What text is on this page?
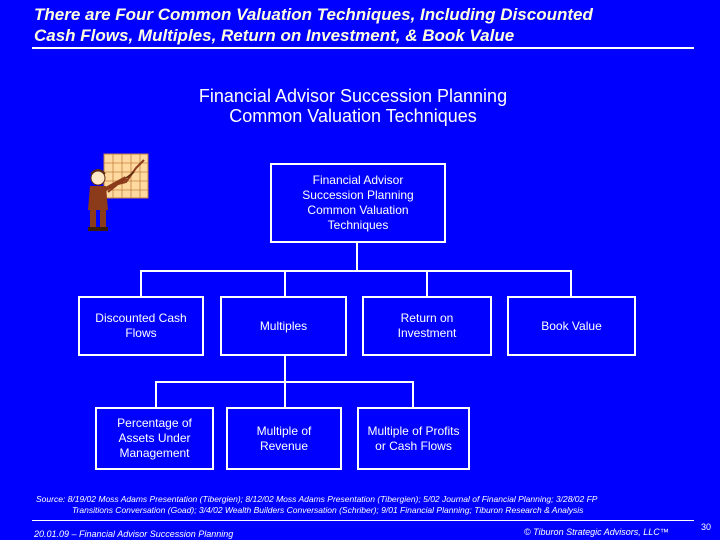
There are Four Common Valuation Techniques, Including Discounted
Cash Flows, Multiples, Return on Investment, & Book Value
Financial Advisor Succession Planning
Common Valuation Techniques
Financial Advisor
Succession Planning
Common Valuation
Techniques
Discounted Cash
Flows
Multiples
Return on
Investment
Book Value
Percentage of
Assets Under
Management
Multiple of
Revenue
Multiple of Profits
or Cash Flows
Source: 8/19/02 Moss Adams Presentation (Tibergien); 8/12/02 Moss Adams Presentation (Tibergien); 5/02 Journal of Financial Planning; 3/28/02 FP
Transitions Conversation (Goad); 3/4/02 Wealth Builders Conversation (Schriber); 9/01 Financial Planning; Tiburon Research & Analysis
20.01.09 – Financial Advisor Succession Planning	© Tiburon Strategic Advisors, LLC™	30
